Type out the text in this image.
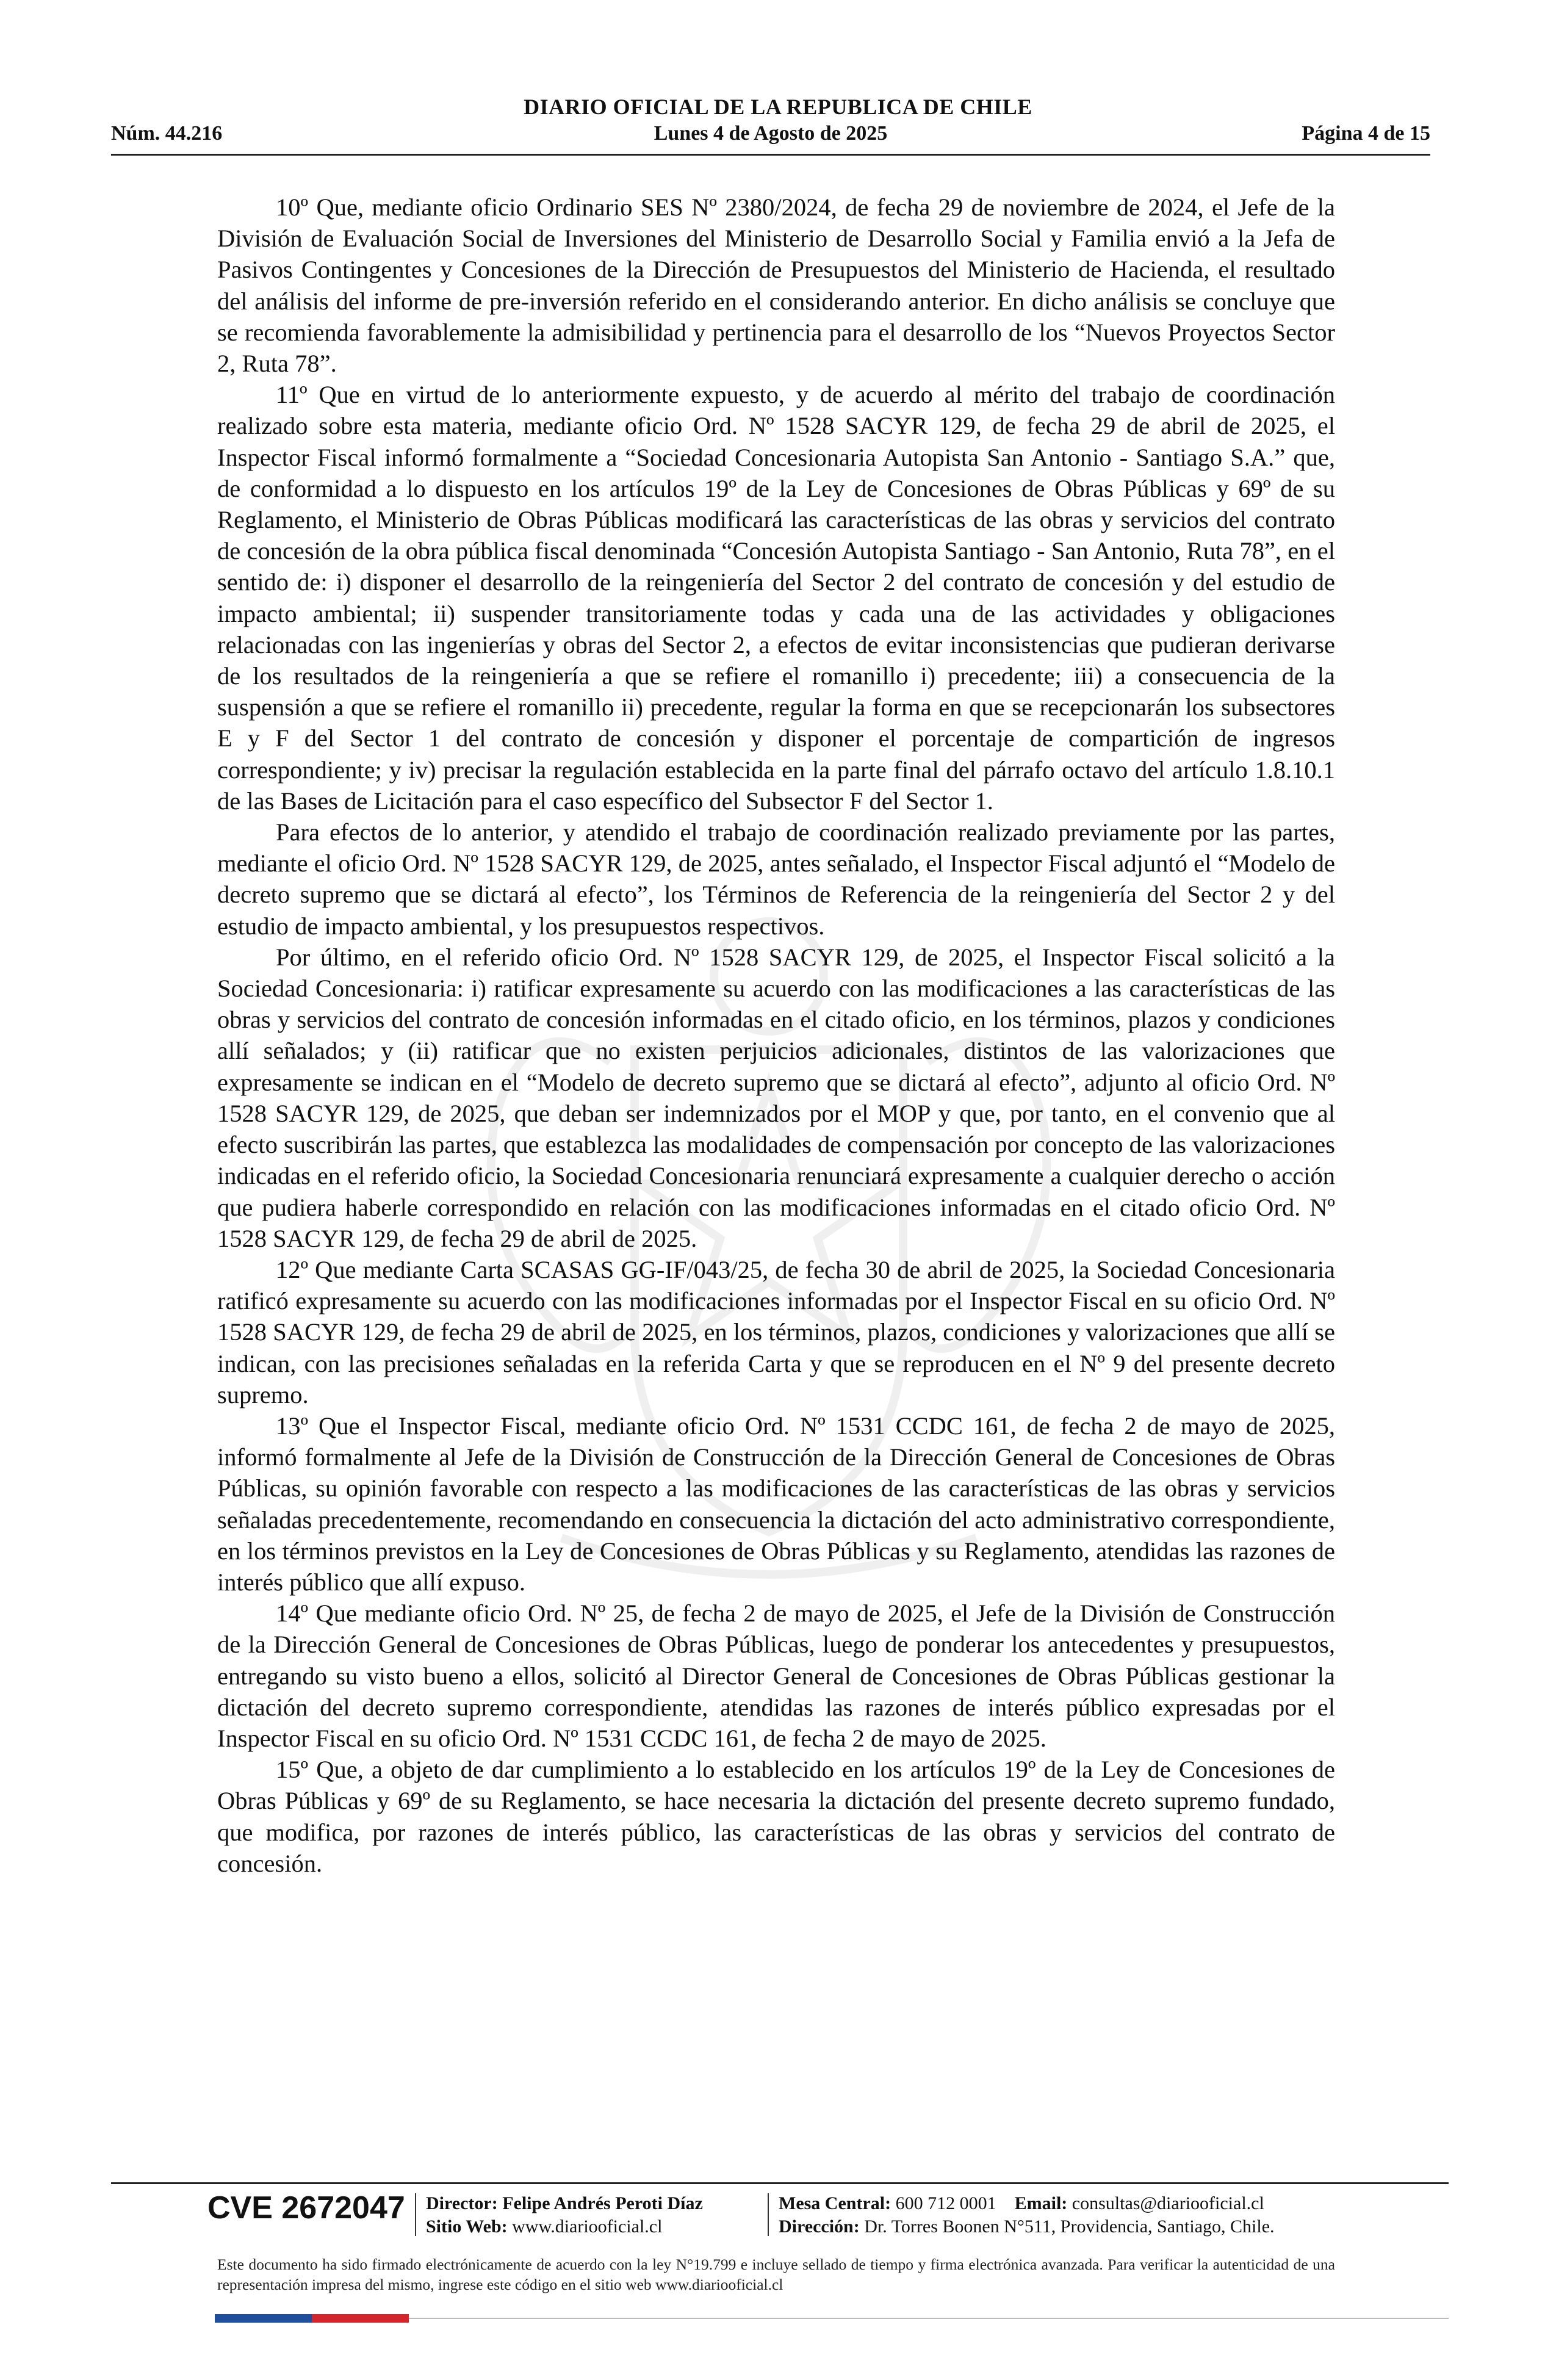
DIARIO OFICIAL DE LA REPUBLICA DE CHILE
Núm. 44.216	Lunes 4 de Agosto de 2025	Página 4 de 15

10º Que, mediante oficio Ordinario SES Nº 2380/2024, de fecha 29 de noviembre de 2024, el Jefe de la División de Evaluación Social de Inversiones del Ministerio de Desarrollo Social y Familia envió a la Jefa de Pasivos Contingentes y Concesiones de la Dirección de Presupuestos del Ministerio de Hacienda, el resultado del análisis del informe de pre-inversión referido en el considerando anterior. En dicho análisis se concluye que se recomienda favorablemente la admisibilidad y pertinencia para el desarrollo de los “Nuevos Proyectos Sector 2, Ruta 78”.

11º Que en virtud de lo anteriormente expuesto, y de acuerdo al mérito del trabajo de coordinación realizado sobre esta materia, mediante oficio Ord. Nº 1528 SACYR 129, de fecha 29 de abril de 2025, el Inspector Fiscal informó formalmente a “Sociedad Concesionaria Autopista San Antonio - Santiago S.A.” que, de conformidad a lo dispuesto en los artículos 19º de la Ley de Concesiones de Obras Públicas y 69º de su Reglamento, el Ministerio de Obras Públicas modificará las características de las obras y servicios del contrato de concesión de la obra pública fiscal denominada “Concesión Autopista Santiago - San Antonio, Ruta 78”, en el sentido de: i) disponer el desarrollo de la reingeniería del Sector 2 del contrato de concesión y del estudio de impacto ambiental; ii) suspender transitoriamente todas y cada una de las actividades y obligaciones relacionadas con las ingenierías y obras del Sector 2, a efectos de evitar inconsistencias que pudieran derivarse de los resultados de la reingeniería a que se refiere el romanillo i) precedente; iii) a consecuencia de la suspensión a que se refiere el romanillo ii) precedente, regular la forma en que se recepcionarán los subsectores E y F del Sector 1 del contrato de concesión y disponer el porcentaje de compartición de ingresos correspondiente; y iv) precisar la regulación establecida en la parte final del párrafo octavo del artículo 1.8.10.1 de las Bases de Licitación para el caso específico del Subsector F del Sector 1.

Para efectos de lo anterior, y atendido el trabajo de coordinación realizado previamente por las partes, mediante el oficio Ord. Nº 1528 SACYR 129, de 2025, antes señalado, el Inspector Fiscal adjuntó el “Modelo de decreto supremo que se dictará al efecto”, los Términos de Referencia de la reingeniería del Sector 2 y del estudio de impacto ambiental, y los presupuestos respectivos.

Por último, en el referido oficio Ord. Nº 1528 SACYR 129, de 2025, el Inspector Fiscal solicitó a la Sociedad Concesionaria: i) ratificar expresamente su acuerdo con las modificaciones a las características de las obras y servicios del contrato de concesión informadas en el citado oficio, en los términos, plazos y condiciones allí señalados; y (ii) ratificar que no existen perjuicios adicionales, distintos de las valorizaciones que expresamente se indican en el “Modelo de decreto supremo que se dictará al efecto”, adjunto al oficio Ord. Nº 1528 SACYR 129, de 2025, que deban ser indemnizados por el MOP y que, por tanto, en el convenio que al efecto suscribirán las partes, que establezca las modalidades de compensación por concepto de las valorizaciones indicadas en el referido oficio, la Sociedad Concesionaria renunciará expresamente a cualquier derecho o acción que pudiera haberle correspondido en relación con las modificaciones informadas en el citado oficio Ord. Nº 1528 SACYR 129, de fecha 29 de abril de 2025.

12º Que mediante Carta SCASAS GG-IF/043/25, de fecha 30 de abril de 2025, la Sociedad Concesionaria ratificó expresamente su acuerdo con las modificaciones informadas por el Inspector Fiscal en su oficio Ord. Nº 1528 SACYR 129, de fecha 29 de abril de 2025, en los términos, plazos, condiciones y valorizaciones que allí se indican, con las precisiones señaladas en la referida Carta y que se reproducen en el Nº 9 del presente decreto supremo.

13º Que el Inspector Fiscal, mediante oficio Ord. Nº 1531 CCDC 161, de fecha 2 de mayo de 2025, informó formalmente al Jefe de la División de Construcción de la Dirección General de Concesiones de Obras Públicas, su opinión favorable con respecto a las modificaciones de las características de las obras y servicios señaladas precedentemente, recomendando en consecuencia la dictación del acto administrativo correspondiente, en los términos previstos en la Ley de Concesiones de Obras Públicas y su Reglamento, atendidas las razones de interés público que allí expuso.

14º Que mediante oficio Ord. Nº 25, de fecha 2 de mayo de 2025, el Jefe de la División de Construcción de la Dirección General de Concesiones de Obras Públicas, luego de ponderar los antecedentes y presupuestos, entregando su visto bueno a ellos, solicitó al Director General de Concesiones de Obras Públicas gestionar la dictación del decreto supremo correspondiente, atendidas las razones de interés público expresadas por el Inspector Fiscal en su oficio Ord. Nº 1531 CCDC 161, de fecha 2 de mayo de 2025.

15º Que, a objeto de dar cumplimiento a lo establecido en los artículos 19º de la Ley de Concesiones de Obras Públicas y 69º de su Reglamento, se hace necesaria la dictación del presente decreto supremo fundado, que modifica, por razones de interés público, las características de las obras y servicios del contrato de concesión.

CVE 2672047 Director: Felipe Andrés Peroti Díaz
Sitio Web: www.diariooficial.cl
Mesa Central: 600 712 0001 Email: consultas@diariooficial.cl
Dirección: Dr. Torres Boonen N°511, Providencia, Santiago, Chile.
Este documento ha sido firmado electrónicamente de acuerdo con la ley N°19.799 e incluye sellado de tiempo y firma electrónica avanzada. Para verificar la autenticidad de una representación impresa del mismo, ingrese este código en el sitio web www.diariooficial.cl
